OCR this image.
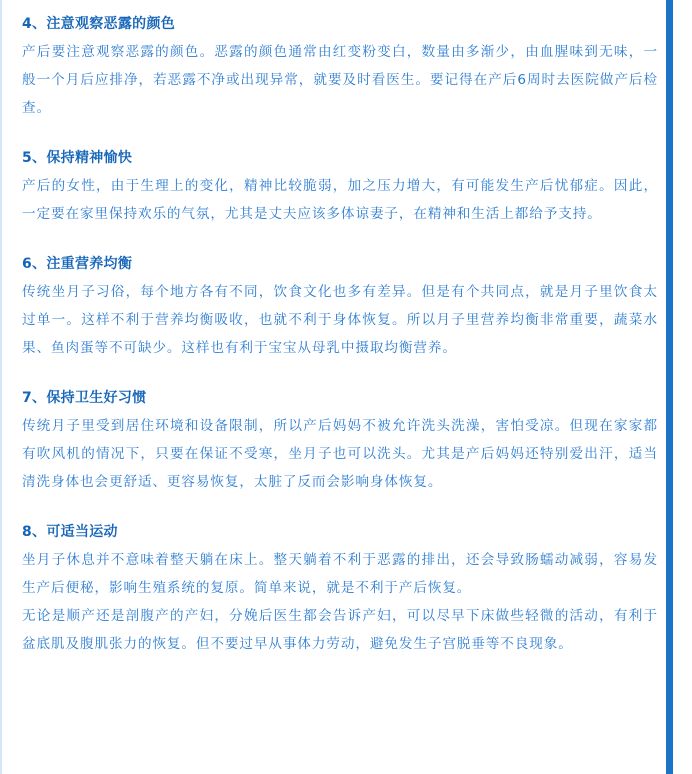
4、注意观察恶露的颜色

产后要注意观察恶露的颜色。恶露的颜色通常由红变粉变白，数量由多渐少，由血腥味到无味，一般一个月后应排净，若恶露不净或出现异常，就要及时看医生。要记得在产后6周时去医院做产后检查。

5、保持精神愉快

产后的女性，由于生理上的变化，精神比较脆弱，加之压力增大，有可能发生产后忧郁症。因此，一定要在家里保持欢乐的气氛，尤其是丈夫应该多体谅妻子，在精神和生活上都给予支持。

6、注重营养均衡

传统坐月子习俗，每个地方各有不同，饮食文化也多有差异。但是有个共同点，就是月子里饮食太过单一。这样不利于营养均衡吸收，也就不利于身体恢复。所以月子里营养均衡非常重要，蔬菜水果、鱼肉蛋等不可缺少。这样也有利于宝宝从母乳中摄取均衡营养。

7、保持卫生好习惯

传统月子里受到居住环境和设备限制，所以产后妈妈不被允许洗头洗澡，害怕受凉。但现在家家都有吹风机的情况下，只要在保证不受寒，坐月子也可以洗头。尤其是产后妈妈还特别爱出汗，适当清洗身体也会更舒适、更容易恢复，太脏了反而会影响身体恢复。

8、可适当运动

坐月子休息并不意味着整天躺在床上。整天躺着不利于恶露的排出，还会导致肠蠕动减弱，容易发生产后便秘，影响生殖系统的复原。简单来说，就是不利于产后恢复。

无论是顺产还是剖腹产的产妇，分娩后医生都会告诉产妇，可以尽早下床做些轻微的活动，有利于盆底肌及腹肌张力的恢复。但不要过早从事体力劳动，避免发生子宫脱垂等不良现象。
